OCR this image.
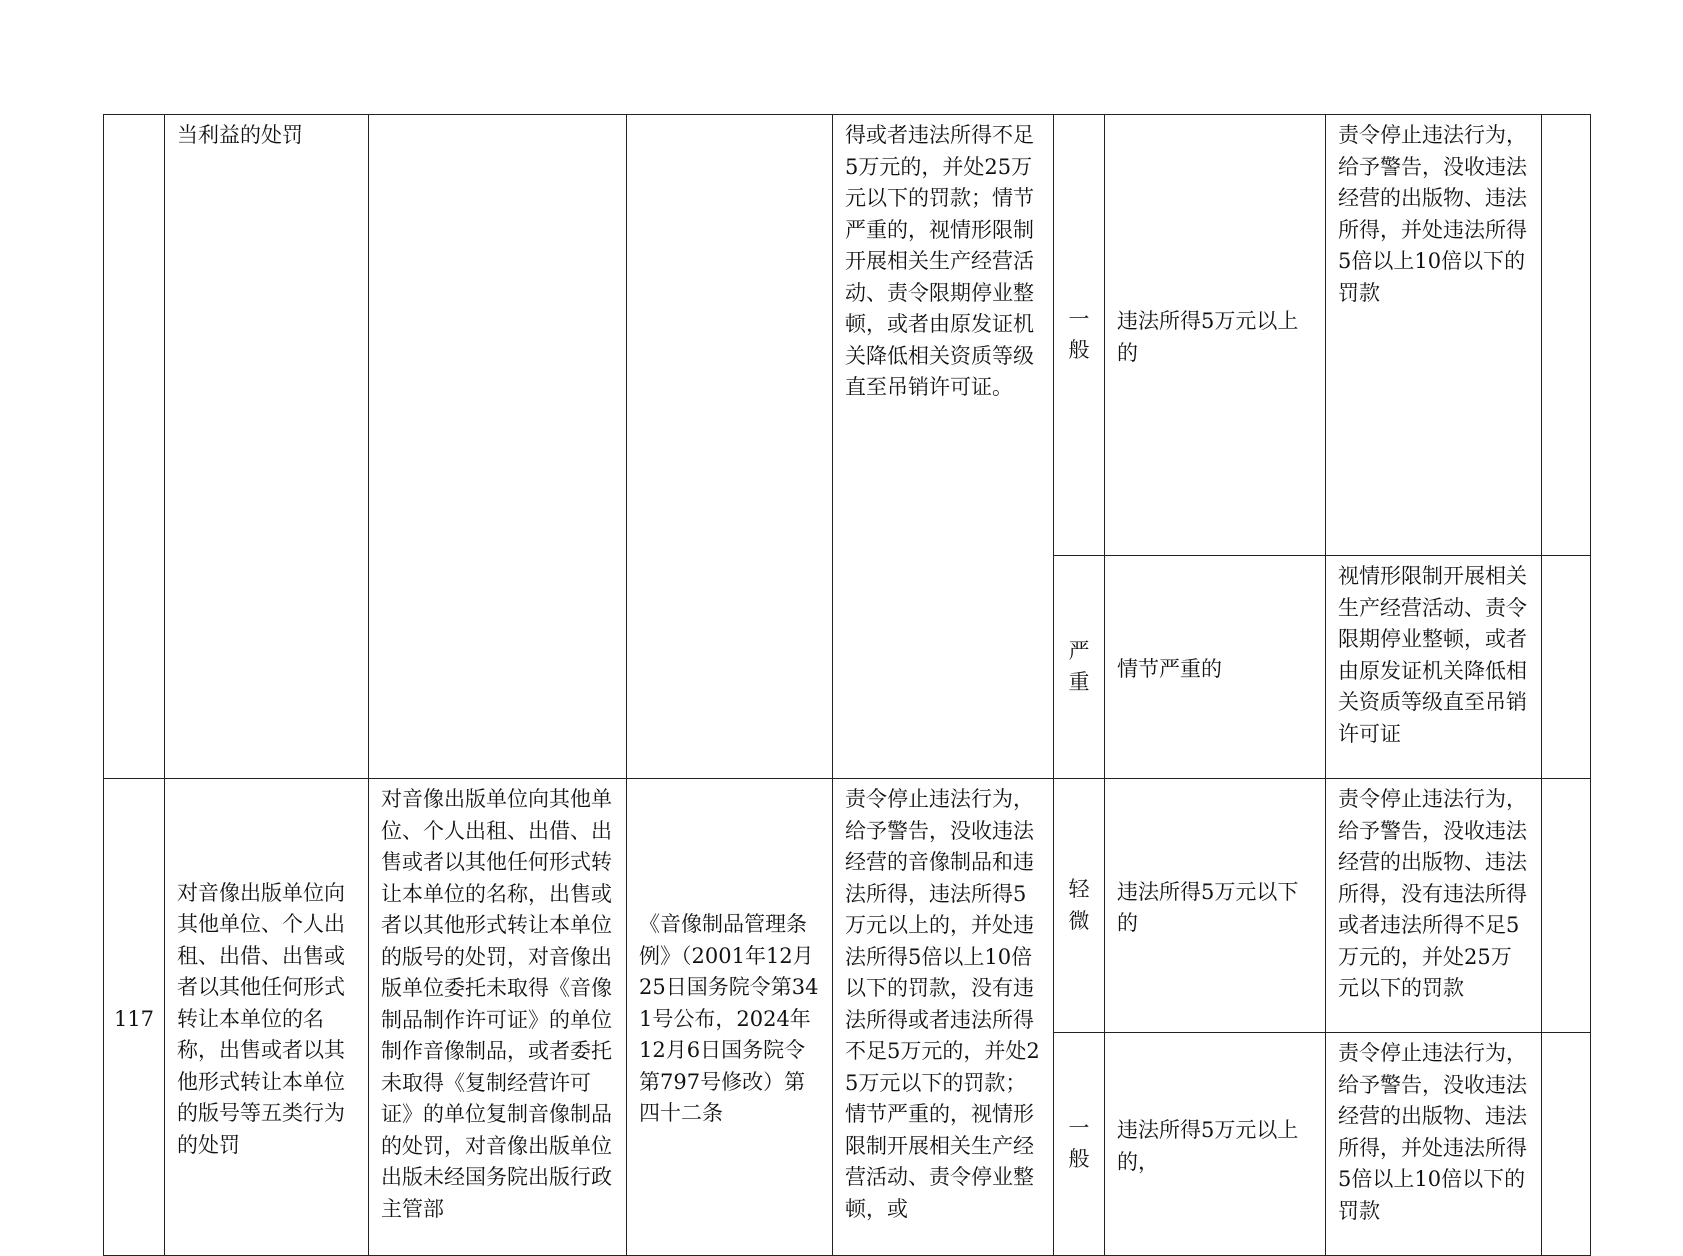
	当利益的处罚			得或者违法所得不足5万元的，并处25万元以下的罚款；情节严重的，视情形限制开展相关生产经营活动、责令限期停业整顿，或者由原发证机关降低相关资质等级直至吊销许可证。	一般	违法所得5万元以上的	责令停止违法行为，给予警告，没收违法经营的出版物、违法所得，并处违法所得5倍以上10倍以下的罚款	
					严重	情节严重的	视情形限制开展相关生产经营活动、责令限期停业整顿，或者由原发证机关降低相关资质等级直至吊销许可证	
117	对音像出版单位向其他单位、个人出租、出借、出售或者以其他任何形式转让本单位的名称，出售或者以其他形式转让本单位的版号等五类行为的处罚	对音像出版单位向其他单位、个人出租、出借、出售或者以其他任何形式转让本单位的名称，出售或者以其他形式转让本单位的版号的处罚，对音像出版单位委托未取得《音像制品制作许可证》的单位制作音像制品，或者委托未取得《复制经营许可证》的单位复制音像制品的处罚，对音像出版单位出版未经国务院出版行政主管部	《音像制品管理条例》（2001年12月25日国务院令第341号公布，2024年12月6日国务院令第797号修改）第四十二条	责令停止违法行为，给予警告，没收违法经营的音像制品和违法所得，违法所得5万元以上的，并处违法所得5倍以上10倍以下的罚款，没有违法所得或者违法所得不足5万元的，并处25万元以下的罚款；情节严重的，视情形限制开展相关生产经营活动、责令停业整顿，或	轻微	违法所得5万元以下的	责令停止违法行为，给予警告，没收违法经营的出版物、违法所得，没有违法所得或者违法所得不足5万元的，并处25万元以下的罚款	
					一般	违法所得5万元以上的，	责令停止违法行为，给予警告，没收违法经营的出版物、违法所得，并处违法所得5倍以上10倍以下的罚款	
